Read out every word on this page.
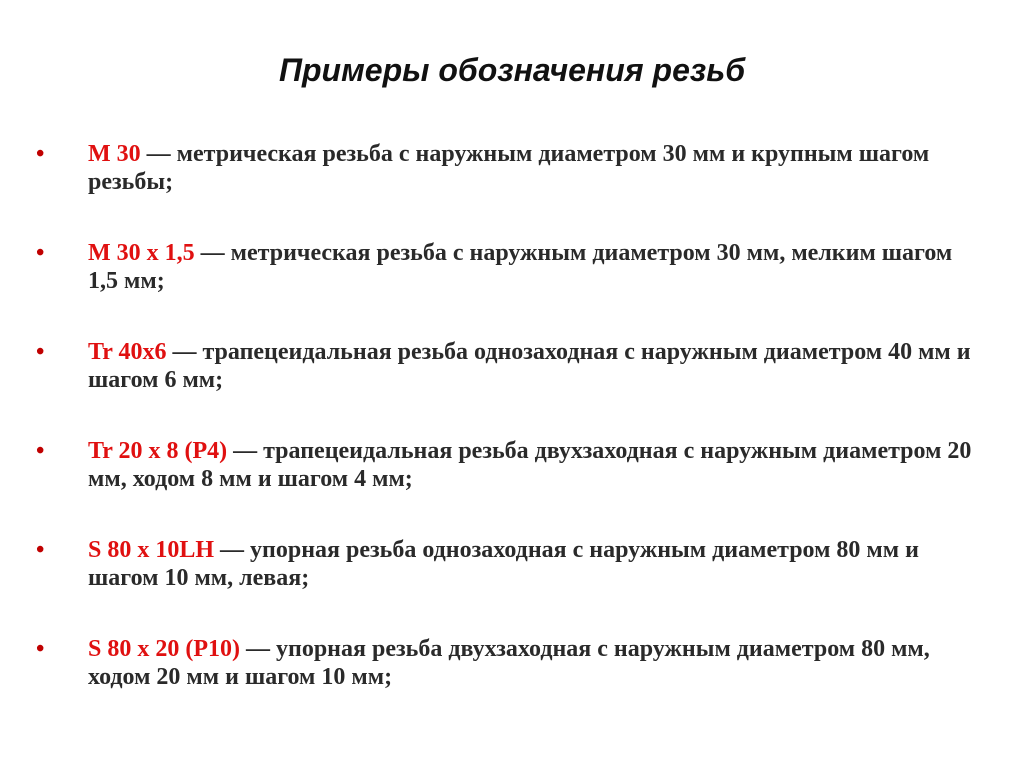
Примеры обозначения резьб
• М 30 — метрическая резьба с наружным диаметром 30 мм и крупным шагом резьбы;
• М 30 х 1,5 — метрическая резьба с наружным диаметром 30 мм, мелким шагом 1,5 мм;
• Tr 40x6 — трапецеидальная резьба однозаходная с наружным диаметром 40 мм и шагом 6 мм;
• Tr 20 х 8 (Р4) — трапецеидальная резьба двухзаходная с наружным диаметром 20 мм, ходом 8 мм и шагом 4 мм;
• S 80 х 10LH — упорная резьба однозаходная с наружным диаметром 80 мм и шагом 10 мм, левая;
• S 80 х 20 (Р10) — упорная резьба двухзаходная с наружным диаметром 80 мм, ходом 20 мм и шагом 10 мм;
